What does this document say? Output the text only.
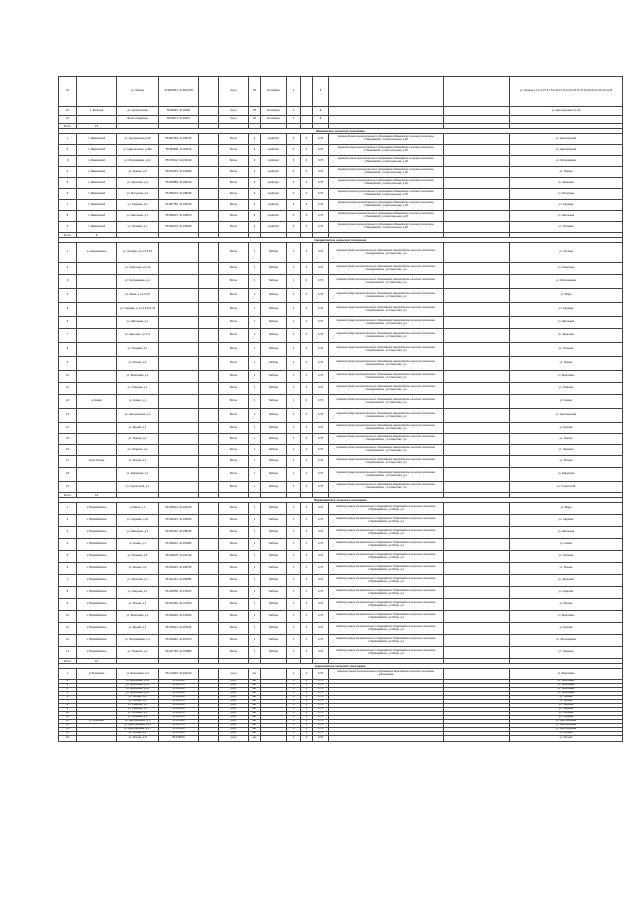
18		ул. Ленина	41.9944561; 41.9944765		Грунт	35	Контейнер	1		8			ул. Ленина д.1,2,3,4,5,6,7,8,9,10,11,12,13,14,15,16,17,18,19,20,21,22,23,24,25
19	п. Зеленый	ул. Центральная	55.96945; 41.19945		Грунт	35	Контейнер	1		8			ул. Центральная д.1-15
20		Возле кладбища	55.98371; 41.22312		Грунт	35	Контейнер	1		8			
Итого	13												
Ивановское сельское поселение													
1	п. Ивановский	ул. Центральная д.26	55.966786; 41.198470		Бетон	3	профлист	6	6	0,75	Администрация муниципального образования Ивановское сельское поселение, с.Ивановский, ул.Центральная, д.26		ул. Центральная
2	п. Ивановский	ул. Центральная, д.39А	55.966890; 41.201110		Бетон	3	профлист	6	6	0,75	Администрация муниципального образования Ивановское сельское поселение, с.Ивановский, ул.Центральная, д.26		ул. Центральная
3	п. Ивановский	ул. Молодёжная, д.13	55.970342; 41.190110		Бетон	3	профлист	6	6	0,75	Администрация муниципального образования Ивановское сельское поселение, с.Ивановский, ул.Центральная, д.26		ул. Молодёжная
4	п. Ивановский	ул. Ленина, д.5	55.963215; 41.193450		Бетон	3	профлист	6	6	0,75	Администрация муниципального образования Ивановское сельское поселение, с.Ивановский, ул.Центральная, д.26		ул. Ленина
5	п. Ивановский	ул. Заречная, д.3	55.960885; 41.184210		Бетон	3	профлист	6	6	0,75	Администрация муниципального образования Ивановское сельское поселение, с.Ивановский, ул.Центральная, д.26		ул. Заречная
6	п. Ивановский	ул. Мичурина, д.2	55.959470; 41.188345		Бетон	3	профлист	6	6	0,75	Администрация муниципального образования Ивановское сельское поселение, с.Ивановский, ул.Центральная, д.26		ул. Мичурина
7	п. Ивановский	ул. Садовая, д.4	55.957780; 41.192215		Бетон	3	профлист	6	6	0,75	Администрация муниципального образования Ивановское сельское поселение, с.Ивановский, ул.Центральная, д.26		ул. Садовая
8	п. Ивановский	ул. Школьная, д.1	55.958215; 41.196870		Бетон	3	профлист	6	6	0,75	Администрация муниципального образования Ивановское сельское поселение, с.Ивановский, ул.Центральная, д.26		ул. Школьная
9	п. Ивановский	ул. Полевая, д.1	55.961875; 41.199305		Бетон	3	профлист	6	6	0,75	Администрация муниципального образования Ивановское сельское поселение, с.Ивановский, ул.Центральная, д.26		ул. Полевая
Итого	9												
Некрасовское сельское поселение													
1	с. Некрасовское	ул. Луговая, д.1,2,3,4,5,6			Бетон	1	Рабица	1	0	0,75	Администрация муниципального образования Некрасовское сельское поселение, с.Некрасовское, ул.Советская, д.1		ул. Луговая
2		ул. Советская, д.1-24			Бетон	1	Рабица	1	0	0,75	Администрация муниципального образования Некрасовское сельское поселение, с.Некрасовское, ул.Советская, д.1		ул. Советская
3		ул. Молодёжная, д.1			Бетон	1	Рабица	1	0	0,75	Администрация муниципального образования Некрасовское сельское поселение, с.Некрасовское, ул.Советская, д.1		ул. Молодёжная
4		ул. Мира, д.1,2,3,4,5			Бетон	1	Рабица	1	0	0,75	Администрация муниципального образования Некрасовское сельское поселение, с.Некрасовское, ул.Советская, д.1		ул. Мира
5		ул. Садовая, д.1,2,3,4,5,6,7,8			Бетон	1	Рабица	1	0	0,75	Администрация муниципального образования Некрасовское сельское поселение, с.Некрасовское, ул.Советская, д.1		ул. Садовая
6		ул. Школьная, д.1			Бетон	1	Рабица	1	0	0,75	Администрация муниципального образования Некрасовское сельское поселение, с.Некрасовское, ул.Советская, д.1		ул. Школьная
7		ул. Заречная, д.1,2,3			Бетон	1	Рабица	1	0	0,75	Администрация муниципального образования Некрасовское сельское поселение, с.Некрасовское, ул.Советская, д.1		ул. Заречная
8		ул. Полевая, д.1			Бетон	1	Рабица	1	0	0,75	Администрация муниципального образования Некрасовское сельское поселение, с.Некрасовское, ул.Советская, д.1		ул. Полевая
9		ул. Лесная, д.1			Бетон	1	Рабица	1	0	0,75	Администрация муниципального образования Некрасовское сельское поселение, с.Некрасовское, ул.Советская, д.1		ул. Лесная
10		ул. Береговая, д.1			Бетон	1	Рабица	1	0	0,75	Администрация муниципального образования Некрасовское сельское поселение, с.Некрасовское, ул.Советская, д.1		ул. Береговая
11		ул. Озёрная, д.1			Бетон	1	Рабица	1	0	0,75	Администрация муниципального образования Некрасовское сельское поселение, с.Некрасовское, ул.Советская, д.1		ул. Озёрная
12	д. Новая	ул. Новая, д.1			Бетон	1	Рабица	1	0	0,75	Администрация муниципального образования Некрасовское сельское поселение, с.Некрасовское, ул.Советская, д.1		ул. Новая
13		ул. Центральная, д.1			Бетон	1	Рабица	1	0	0,75	Администрация муниципального образования Некрасовское сельское поселение, с.Некрасовское, ул.Советская, д.1		ул. Центральная
14		ул. Кирова, д.1			Бетон	1	Рабица	1	0	0,75	Администрация муниципального образования Некрасовское сельское поселение, с.Некрасовское, ул.Советская, д.1		ул. Кирова
15		ул. Ленина, д.1			Бетон	1	Рабица	1	0	0,75	Администрация муниципального образования Некрасовское сельское поселение, с.Некрасовское, ул.Советская, д.1		ул. Ленина
16		ул. Гагарина, д.1			Бетон	1	Рабица	1	0	0,75	Администрация муниципального образования Некрасовское сельское поселение, с.Некрасовское, ул.Советская, д.1		ул. Гагарина
17	Село Речное	ул. Речная, д.1			Бетон	1	Рабица	1	0	0,75	Администрация муниципального образования Некрасовское сельское поселение, с.Некрасовское, ул.Советская, д.1		ул. Речная
18		ул. Заводская, д.1			Бетон	1	Рабица	1	0	0,75	Администрация муниципального образования Некрасовское сельское поселение, с.Некрасовское, ул.Советская, д.1		ул. Заводская
19		ул. Строителей, д.1			Бетон	1	Рабица	1	0	0,75	Администрация муниципального образования Некрасовское сельское поселение, с.Некрасовское, ул.Советская, д.1		ул. Строителей
Итого	19												
Первомайское сельское поселение													
1	с.Первомайское	ул.Мира, д.1	56.035210; 41.192310		Бетон	1	Рабица	1	0	0,75	Администрация муниципального образования Первомайское сельское поселение, с.Первомайское, ул.Мира, д.1		ул. Мира
2	с.Первомайское	ул. Садовая, д.14	56.036145; 41.195430		Бетон	1	Рабица	1	0	0,75	Администрация муниципального образования Первомайское сельское поселение, с.Первомайское, ул.Мира, д.1		ул. Садовая
3	с.Первомайское	ул. Школьная, д.3	56.037020; 41.198765		Бетон	1	Рабица	1	0	0,75	Администрация муниципального образования Первомайское сельское поселение, с.Первомайское, ул.Мира, д.1		ул. Школьная
4	с.Первомайское	ул. Новая, д.1	56.038410; 41.201980		Бетон	1	Рабица	1	0	0,75	Администрация муниципального образования Первомайское сельское поселение, с.Первомайское, ул.Мира, д.1		ул. Новая
5	с.Первомайское	ул. Полевая, д.5	56.039225; 41.204110		Бетон	1	Рабица	1	0	0,75	Администрация муниципального образования Первомайское сельское поселение, с.Первомайское, ул.Мира, д.1		ул. Полевая
6	с.Первомайское	ул. Лесная, д.2	56.040315; 41.206745		Бетон	1	Рабица	1	0	0,75	Администрация муниципального образования Первомайское сельское поселение, с.Первомайское, ул.Мира, д.1		ул. Лесная
7	с.Первомайское	ул. Заречная, д.1	56.041120; 41.209385		Бетон	1	Рабица	1	0	0,75	Администрация муниципального образования Первомайское сельское поселение, с.Первомайское, ул.Мира, д.1		ул. Заречная
8	с.Первомайское	ул. Озёрная, д.1	56.042050; 41.211870		Бетон	1	Рабица	1	0	0,75	Администрация муниципального образования Первомайское сельское поселение, с.Первомайское, ул.Мира, д.1		ул. Озёрная
9	с.Первомайское	ул. Речная, д.1	56.043190; 41.214215		Бетон	1	Рабица	1	0	0,75	Администрация муниципального образования Первомайское сельское поселение, с.Первомайское, ул.Мира, д.1		ул. Речная
10	с.Первомайское	ул. Береговая, д.1	56.044030; 41.216640		Бетон	1	Рабица	1	0	0,75	Администрация муниципального образования Первомайское сельское поселение, с.Первомайское, ул.Мира, д.1		ул. Береговая
11	с.Первомайское	ул. Кирова, д.1	56.045110; 41.219015		Бетон	1	Рабица	1	0	0,75	Администрация муниципального образования Первомайское сельское поселение, с.Первомайское, ул.Мира, д.1		ул. Кирова
12	с.Первомайское	ул. Молодёжная, д.1	56.046240; 41.221370		Бетон	1	Рабица	1	0	0,75	Администрация муниципального образования Первомайское сельское поселение, с.Первомайское, ул.Мира, д.1		ул. Молодёжная
13	с.Первомайское	ул. Гагарина, д.1	56.047155; 41.223885		Бетон	1	Рабица	1	0	0,75	Администрация муниципального образования Первомайское сельское поселение, с.Первомайское, ул.Мира, д.1		ул. Гагарина
Итого	13												
Березовское сельское поселение													
1	д. Березовка	ул. Березовая, д.4	56.120345; 41.301210		грунт	нет		1	0	0,75	Администрация муниципального образования Березовское сельское поселение, д.Березовка		ул. Березовая
2		ул. Березовая, д.10	56.120410		грунт	нет		1	0	0,75			ул. Березовая
3		ул. Березовая, д.16	56.120475		грунт	нет		1	0	0,75			ул. Березовая
4		ул. Березовая, д.22	56.120540		грунт	нет		1	0	0,75			ул. Березовая
5		ул. Березовая, д.28	56.120605		грунт	нет		1	0	0,75			ул. Березовая
6		ул. Лесная, д.2	56.121010		грунт	нет		1	0	0,75			ул. Лесная
7		ул. Лесная, д.8	56.121075		грунт	нет		1	0	0,75			ул. Лесная
8		ул. Садовая, д.1	56.121140		грунт	нет		1	0	0,75			ул. Садовая
9		ул. Садовая, д.7	56.121205		грунт	нет		1	0	0,75			ул. Садовая
10		ул. Полевая, д.3	56.121270		грунт	нет		1	0	0,75			ул. Полевая
11		ул. Полевая, д.9	56.121335		грунт	нет		1	0	0,75			ул. Полевая
12	д. Ольховка	ул. Центральная, д.5	56.125410		грунт	нет		1	0	0,75			ул. Центральная
13		ул. Центральная, д.11	56.125475		грунт	нет		1	0	0,75			ул. Центральная
14		ул. Центральная, д.17	56.125540		грунт	нет		1	0	0,75			ул. Центральная
15		ул. Речная, д.2	56.125605		грунт	нет		1	0	0,75			ул. Речная
16		ул. Речная, д.8	56.125670		грунт	нет		1	0	0,75			ул. Речная
